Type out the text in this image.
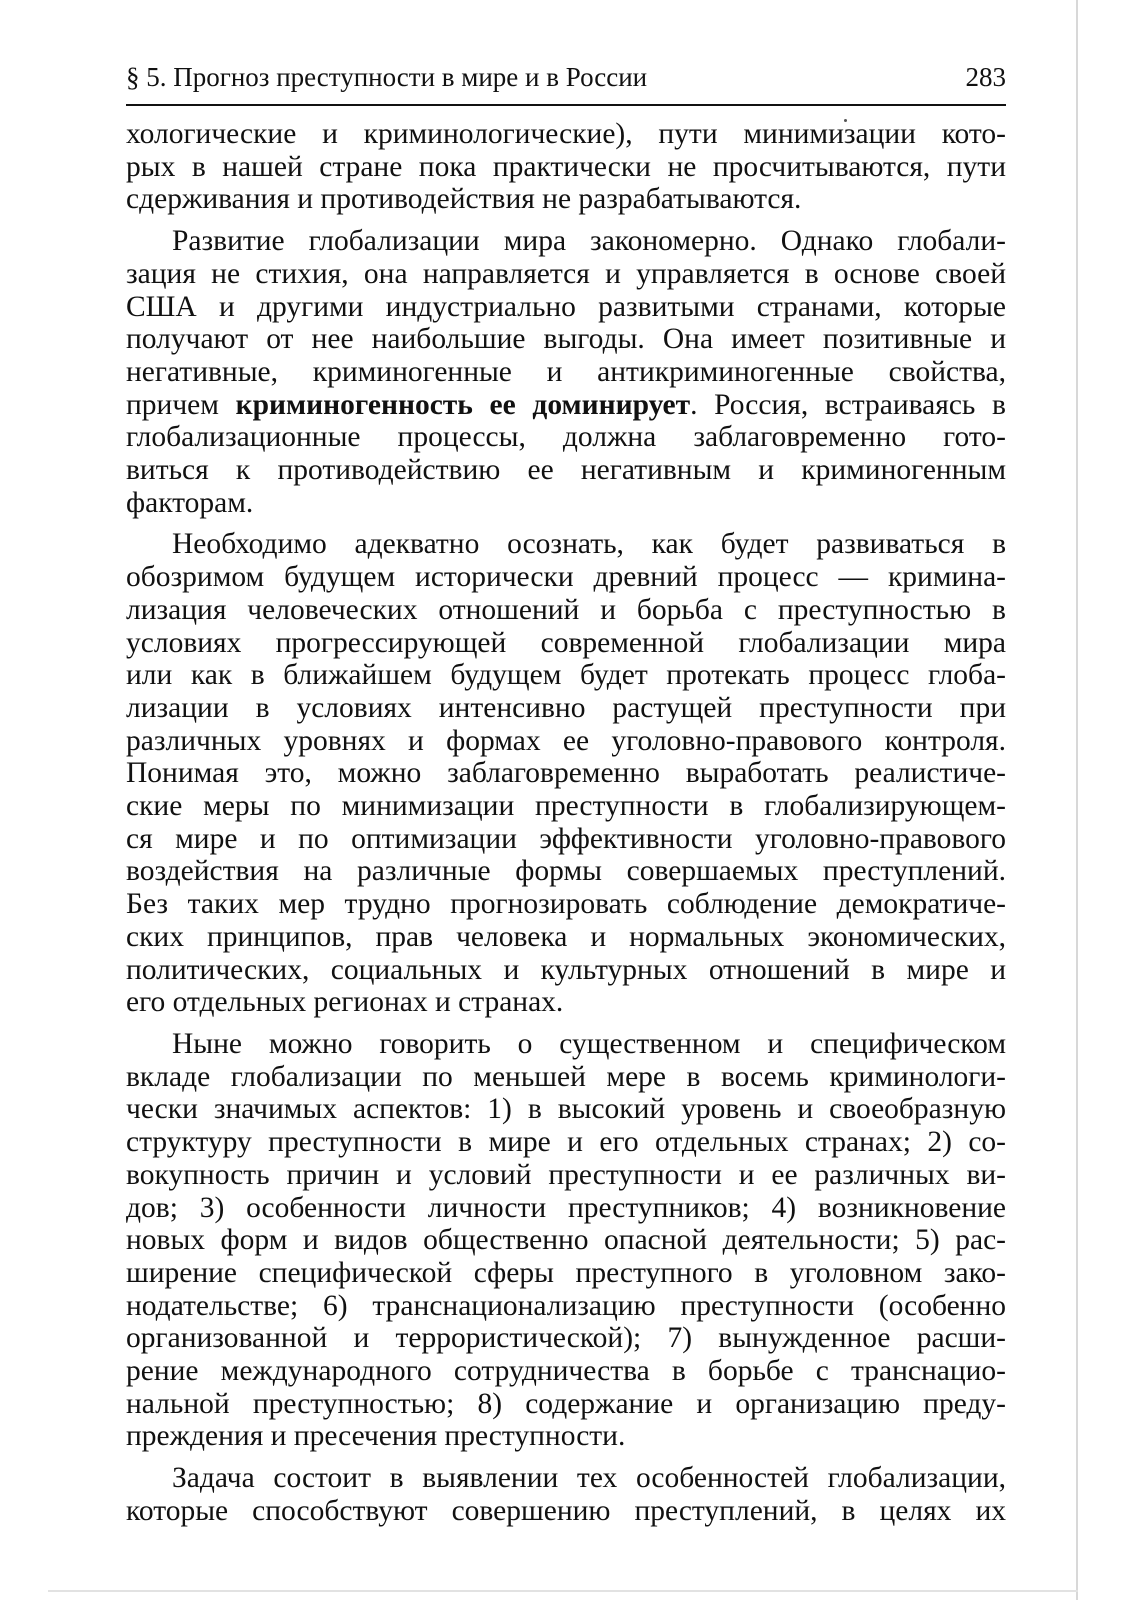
§ 5. Прогноз преступности в мире и в России	283

хологические и криминологические), пути минимизации кото-
рых в нашей стране пока практически не просчитываются, пути

сдерживания и противодействия не разрабатываются.

Развитие глобализации мира закономерно. Однако глобали-
зация не стихия, она направляется и управляется в основе своей
США и другими индустриально развитыми странами, которые
получают от нее наибольшие выгоды. Она имеет позитивные и
негативные, криминогенные и антикриминогенные свойства,
причем криминогенность ее доминирует. Россия, встраиваясь в
глобализационные процессы, должна заблаговременно гото-
виться к противодействию ее негативным и криминогенным

факторам.

Необходимо адекватно осознать, как будет развиваться в
обозримом будущем исторически древний процесс — кримина-
лизация человеческих отношений и борьба с преступностью в
условиях прогрессирующей современной глобализации мира
или как в ближайшем будущем будет протекать процесс глоба-
лизации в условиях интенсивно растущей преступности при
различных уровнях и формах ее уголовно-правового контроля.
Понимая это, можно заблаговременно выработать реалистиче-
ские меры по минимизации преступности в глобализирующем-
ся мире и по оптимизации эффективности уголовно-правового
воздействия на различные формы совершаемых преступлений.
Без таких мер трудно прогнозировать соблюдение демократиче-
ских принципов, прав человека и нормальных экономических,
политических, социальных и культурных отношений в мире и

его отдельных регионах и странах.

Ныне можно говорить о существенном и специфическом
вкладе глобализации по меньшей мере в восемь криминологи-
чески значимых аспектов: 1) в высокий уровень и своеобразную
структуру преступности в мире и его отдельных странах; 2) со-
вокупность причин и условий преступности и ее различных ви-
дов; 3) особенности личности преступников; 4) возникновение
новых форм и видов общественно опасной деятельности; 5) рас-
ширение специфической сферы преступного в уголовном зако-
нодательстве; 6) транснационализацию преступности (особенно
организованной и террористической); 7) вынужденное расши-
рение международного сотрудничества в борьбе с транснацио-
нальной преступностью; 8) содержание и организацию преду-

преждения и пресечения преступности.

Задача состоит в выявлении тех особенностей глобализации,
которые способствуют совершению преступлений, в целях их
